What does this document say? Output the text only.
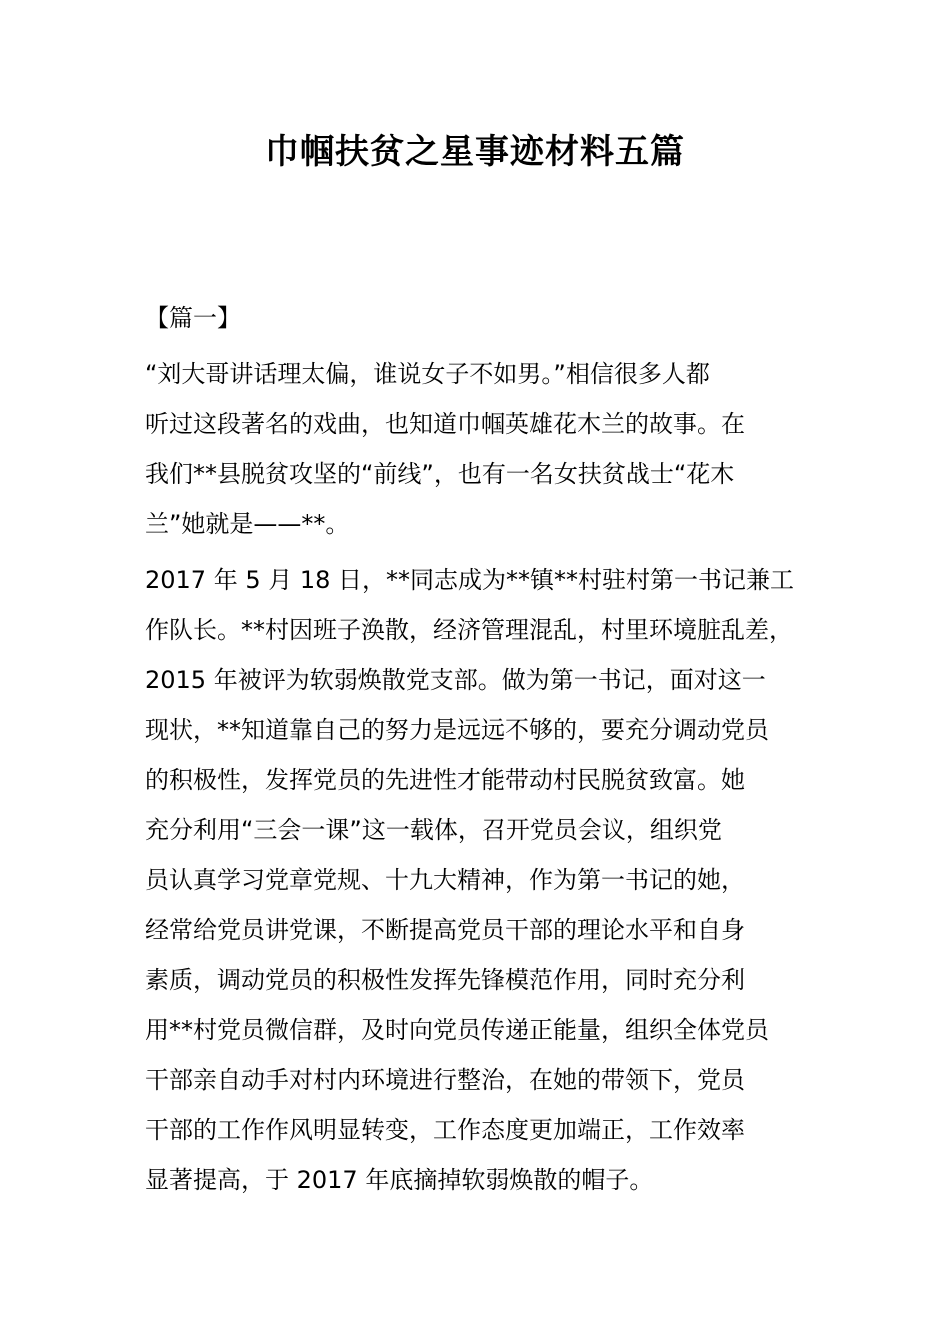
巾帼扶贫之星事迹材料五篇
【篇一】
“刘大哥讲话理太偏，谁说女子不如男。”相信很多人都
听过这段著名的戏曲，也知道巾帼英雄花木兰的故事。在
我们**县脱贫攻坚的“前线”，也有一名女扶贫战士“花木
兰”她就是——**。
2017 年 5 月 18 日，**同志成为**镇**村驻村第一书记兼工
作队长。**村因班子涣散，经济管理混乱，村里环境脏乱差，
2015 年被评为软弱焕散党支部。做为第一书记，面对这一
现状，**知道靠自己的努力是远远不够的，要充分调动党员
的积极性，发挥党员的先进性才能带动村民脱贫致富。她
充分利用“三会一课”这一载体，召开党员会议，组织党
员认真学习党章党规、十九大精神，作为第一书记的她，
经常给党员讲党课，不断提高党员干部的理论水平和自身
素质，调动党员的积极性发挥先锋模范作用，同时充分利
用**村党员微信群，及时向党员传递正能量，组织全体党员
干部亲自动手对村内环境进行整治，在她的带领下，党员
干部的工作作风明显转变，工作态度更加端正，工作效率
显著提高，于 2017 年底摘掉软弱焕散的帽子。
